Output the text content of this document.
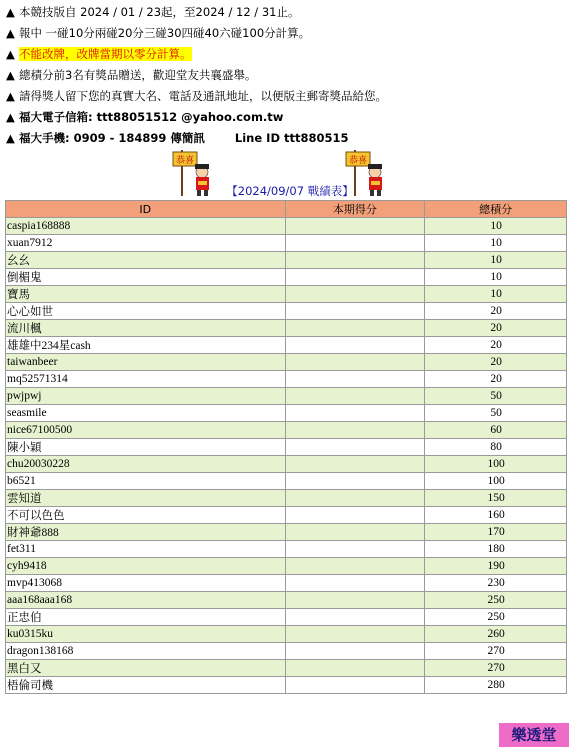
▲ 本競技版自 2024 / 01 / 23起，至2024 / 12 / 31止。

▲ 報中 一碰10分兩碰20分三碰30四碰40六碰100分計算。

▲ 不能改牌，改牌當期以零分計算。

▲ 總積分前3名有獎品贈送，歡迎堂友共襄盛舉。

▲ 請得獎人留下您的真實大名、電話及通訊地址，以便版主郵寄獎品給您。

▲ 福大電子信箱: ttt88051512 @yahoo.com.tw

▲ 福大手機: 0909 - 184899 傳簡訊	Line ID ttt880515

恭喜	恭喜
【2024/09/07 戰績表】
ID	本期得分	總積分
caspia168888		10
xuan7912		10
幺幺		10
倒楣鬼		10
寶馬		10
心心如世		20
流川楓		20
雄雄中234星cash		20
taiwanbeer		20
mq52571314		20
pwjpwj		50
seasmile		50
nice67100500		60
陳小穎		80
chu20030228		100
b6521		100
雲知道		150
不可以色色		160
財神爺888		170
fet311		180
cyh9418		190
mvp413068		230
aaa168aaa168		250
正忠伯		250
ku0315ku		260
dragon138168		270
黑白又		270
梧倫司機		280
樂透堂
